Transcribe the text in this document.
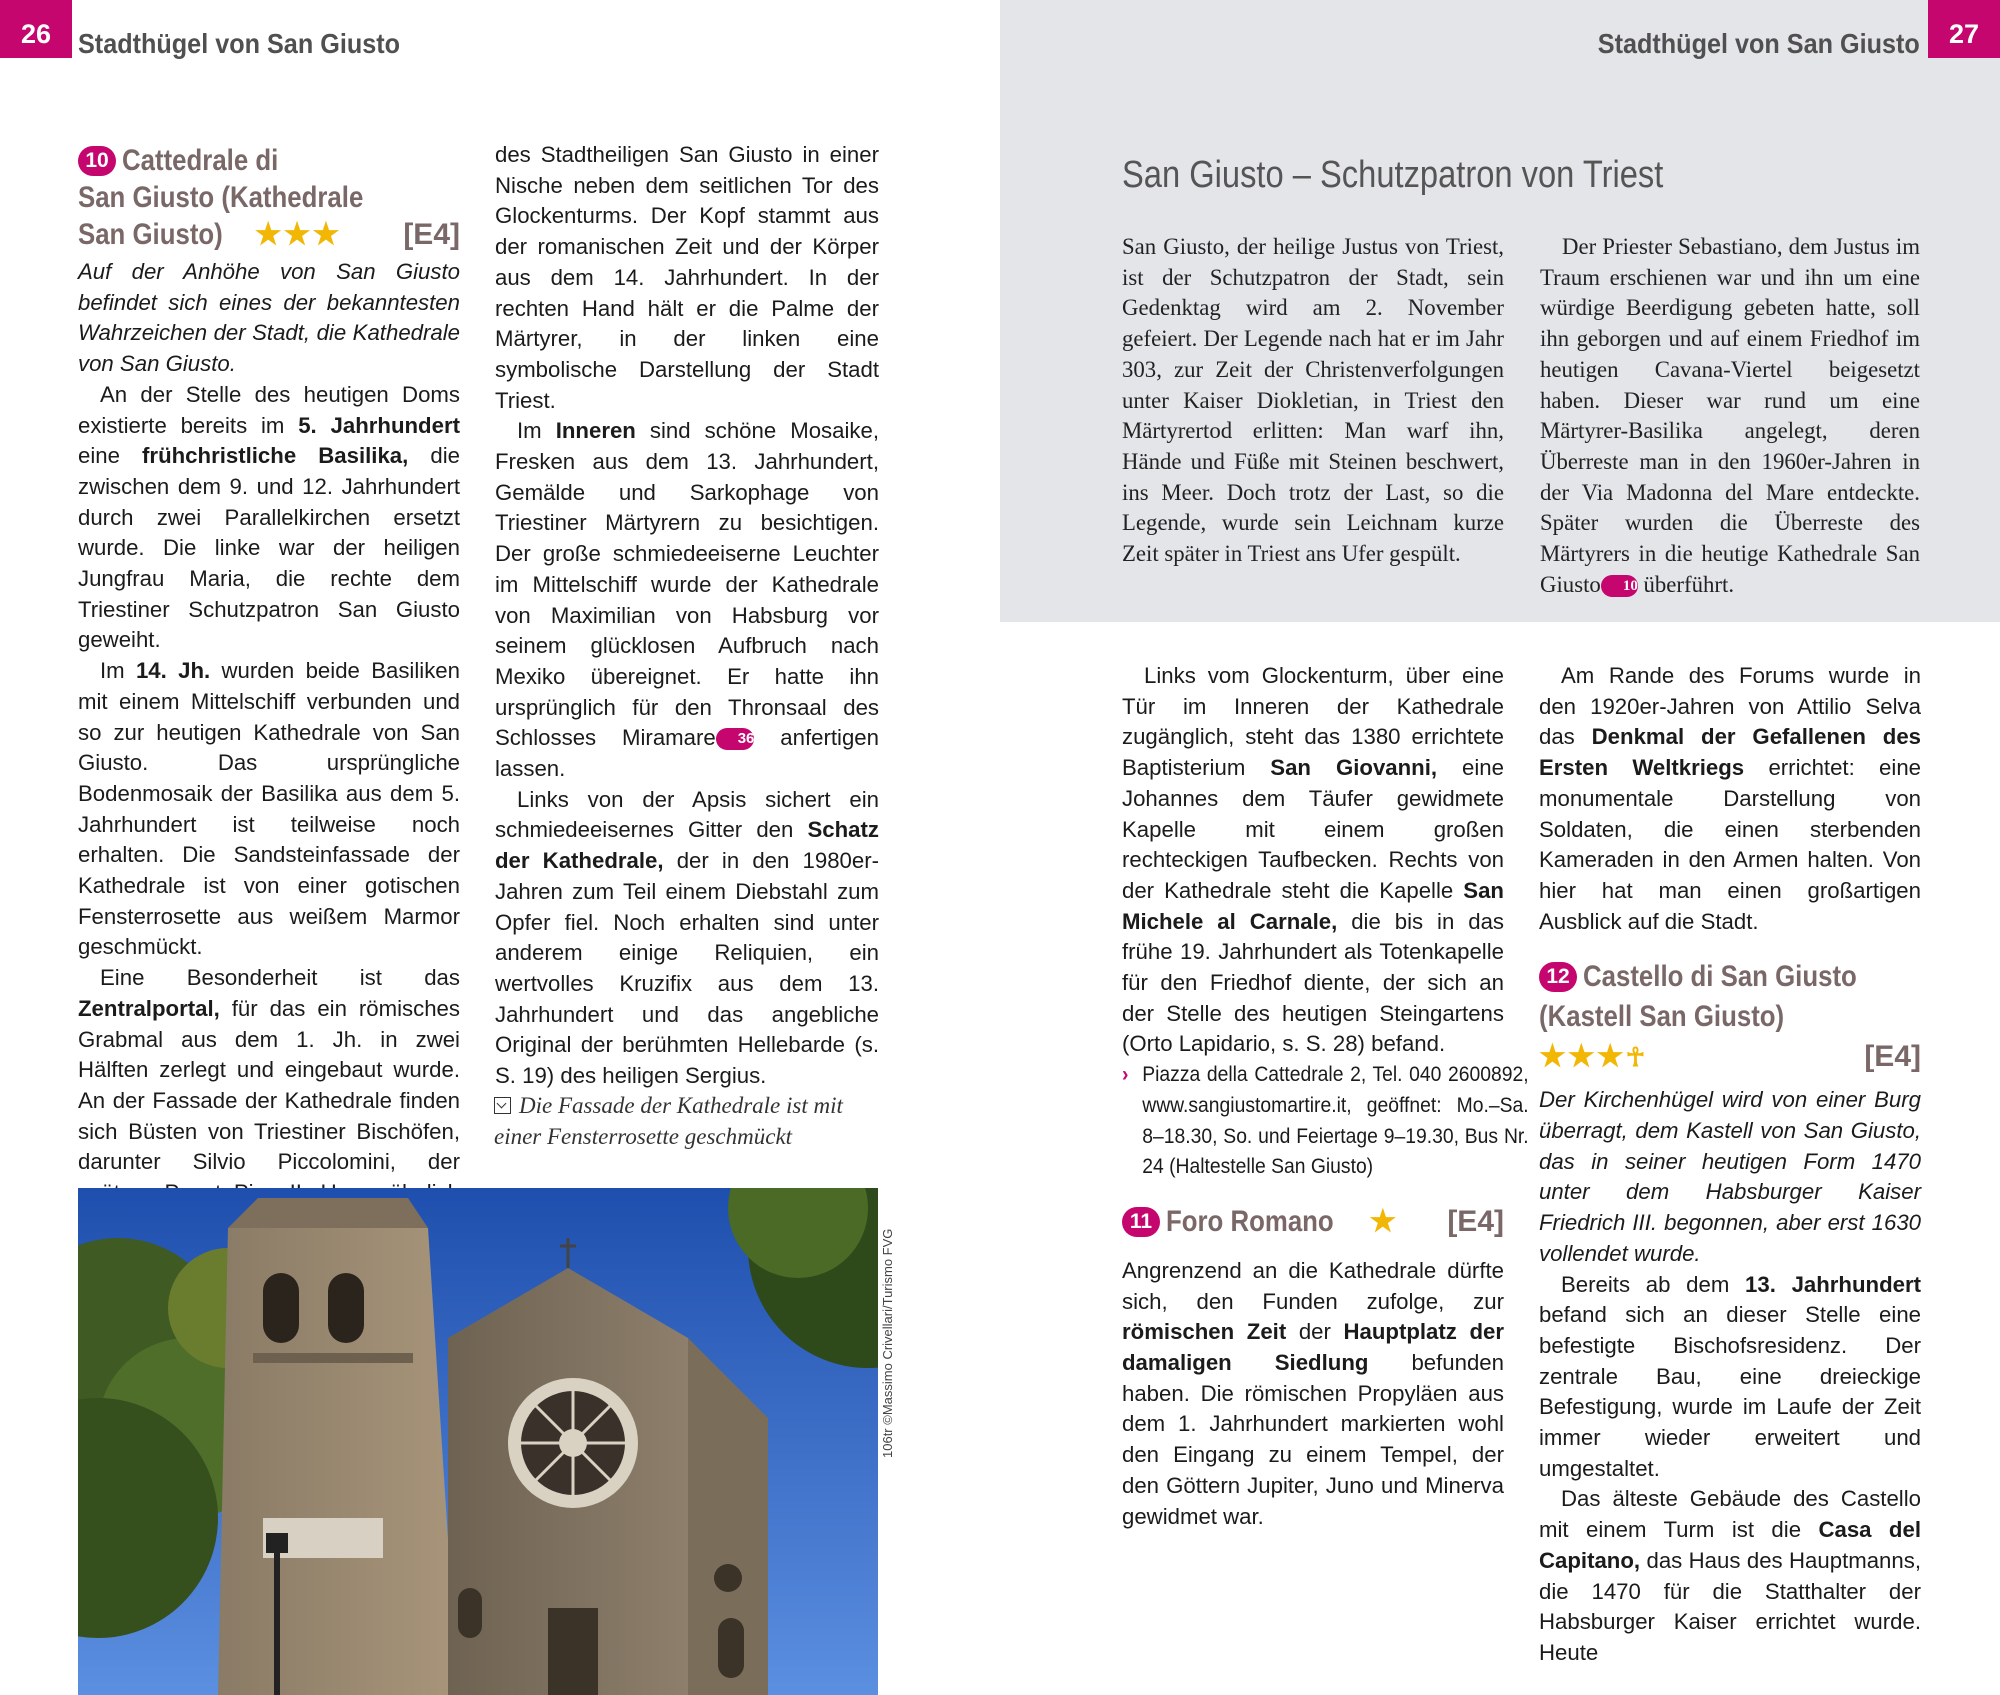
26 Stadthügel von San Giusto	Stadthügel von San Giusto	27
10 Cattedrale di
San Giusto (Kathedrale
San Giusto) ★★★ [E4]

Auf der Anhöhe von San Giusto befindet sich eines der bekanntesten Wahrzeichen der Stadt, die Kathedrale von San Giusto.

An der Stelle des heutigen Doms existierte bereits im 5. Jahrhundert eine frühchristliche Basilika, die zwischen dem 9. und 12. Jahrhundert durch zwei Parallelkirchen ersetzt wurde. Die linke war der heiligen Jungfrau Maria, die rechte dem Triestiner Schutzpatron San Giusto geweiht.

Im 14. Jh. wurden beide Basiliken mit einem Mittelschiff verbunden und so zur heutigen Kathedrale von San Giusto. Das ursprüngliche Bodenmosaik der Basilika aus dem 5. Jahrhundert ist teilweise noch erhalten. Die Sandsteinfassade der Kathedrale ist von einer gotischen Fensterrosette aus weißem Marmor geschmückt.

Eine Besonderheit ist das Zentralportal, für das ein römisches Grabmal aus dem 1. Jh. in zwei Hälften zerlegt und eingebaut wurde. An der Fassade der Kathedrale finden sich Büsten von Triestiner Bischöfen, darunter Silvio Piccolomini, der

des Stadtheiligen San Giusto in einer Nische neben dem seitlichen Tor des Glockenturms. Der Kopf stammt aus der romanischen Zeit und der Körper aus dem 14. Jahrhundert. In der rechten Hand hält er die Palme der Märtyrer, in der linken eine symbolische Darstellung der Stadt Triest.

Im Inneren sind schöne Mosaike, Fresken aus dem 13. Jahrhundert, Gemälde und Sarkophage von Triestiner Märtyrern zu besichtigen. Der große schmiedeeiserne Leuchter im Mittelschiff wurde der Kathedrale von Maximilian von Habsburg vor seinem glücklosen Aufbruch nach Mexiko übereignet. Er hatte ihn ursprünglich für den Thronsaal des Schlosses Miramare 36 anfertigen lassen.

Links von der Apsis sichert ein schmiedeeisernes Gitter den Schatz der Kathedrale, der in den 1980er-Jahren zum Teil einem Diebstahl zum Opfer fiel. Noch erhalten sind unter anderem einige Reliquien, ein wertvolles Kruzifix aus dem 13. Jahrhundert und das angebliche Original der berühmten Hellebarde (s. S. 19) des heiligen Sergius.

Die Fassade der Kathedrale ist mit einer Fensterrosette geschmückt
106tr ©Massimo Crivellari/Turismo FVG
San Giusto – Schutzpatron von Triest

San Giusto, der heilige Justus von Triest, ist der Schutzpatron der Stadt, sein Gedenktag wird am 2. November gefeiert. Der Legende nach hat er im Jahr 303, zur Zeit der Christenverfolgungen unter Kaiser Diokletian, in Triest den Märtyrertod erlitten: Man warf ihn, Hände und Füße mit Steinen beschwert, ins Meer. Doch trotz der Last, so die Legende, wurde sein Leichnam kurze Zeit später in Triest ans Ufer gespült.

Der Priester Sebastiano, dem Justus im Traum erschienen war und ihn um eine würdige Beerdigung gebeten hatte, soll ihn geborgen und auf einem Friedhof im heutigen Cavana-Viertel beigesetzt haben. Dieser war rund um eine Märtyrer-Basilika angelegt, deren Überreste man in den 1960er-Jahren in der Via Madonna del Mare entdeckte. Später wurden die Überreste des Märtyrers in die heutige Kathedrale San Giusto 10 überführt.

Links vom Glockenturm, über eine Tür im Inneren der Kathedrale zugänglich, steht das 1380 errichtete Baptisterium San Giovanni, eine Johannes dem Täufer gewidmete Kapelle mit einem großen rechteckigen Taufbecken. Rechts von der Kathedrale steht die Kapelle San Michele al Carnale, die bis in das frühe 19. Jahrhundert als Totenkapelle für den Friedhof diente, der sich an der Stelle des heutigen Steingartens (Orto Lapidario, s. S. 28) befand.

› Piazza della Cattedrale 2, Tel. 040 2600892, www.sangiustomartire.it, geöffnet: Mo.–Sa. 8–18.30, So. und Feiertage 9–19.30, Bus Nr. 24 (Haltestelle San Giusto)
11 Foro Romano ★ [E4]

Angrenzend an die Kathedrale dürfte sich, den Funden zufolge, zur römischen Zeit der Hauptplatz der damaligen Siedlung befunden haben. Die römischen Propyläen aus dem 1. Jahrhundert markierten wohl den Eingang zu einem Tempel, der den Göttern Jupiter, Juno und Minerva gewidmet war.

Am Rande des Forums wurde in den 1920er-Jahren von Attilio Selva das Denkmal der Gefallenen des Ersten Weltkriegs errichtet: eine monumentale Darstellung von Soldaten, die einen sterbenden Kameraden in den Armen halten. Von hier hat man einen großartigen Ausblick auf die Stadt.

12 Castello di San Giusto
(Kastell San Giusto) ★★★☥	[E4]

Der Kirchenhügel wird von einer Burg überragt, dem Kastell von San Giusto, das in seiner heutigen Form 1470 unter dem Habsburger Kaiser Friedrich III. begonnen, aber erst 1630 vollendet wurde.

Bereits ab dem 13. Jahrhundert befand sich an dieser Stelle eine befestigte Bischofsresidenz. Der zentrale Bau, eine dreieckige Befestigung, wurde im Laufe der Zeit immer wieder erweitert und umgestaltet.

Das älteste Gebäude des Castello mit einem Turm ist die Casa del Capitano, das Haus des Hauptmanns, die 1470 für die Statthalter der Habsburger Kaiser errichtet wurde. Heute
